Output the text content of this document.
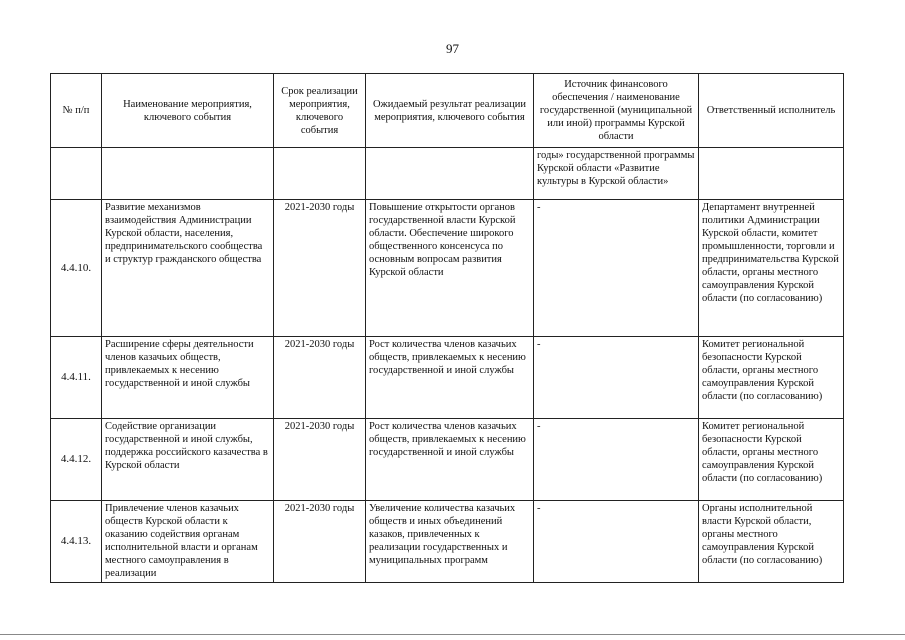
97
№ п/п	Наименование мероприятия, ключевого события	Срок реализации мероприятия, ключевого события	Ожидаемый результат реализации мероприятия, ключевого события	Источник финансового обеспечения / наименование государственной (муниципальной или иной) программы Курской области	Ответственный исполнитель
				годы» государственной программы Курской области «Развитие культуры в Курской области»	
4.4.10.	Развитие механизмов взаимодействия Администрации Курской области, населения, предпринимательского сообщества и структур гражданского общества	2021-2030 годы	Повышение открытости органов государственной власти Курской области. Обеспечение широкого общественного консенсуса по основным вопросам развития Курской области	-	Департамент внутренней политики Администрации Курской области, комитет промышленности, торговли и предпринимательства Курской области, органы местного самоуправления Курской области (по согласованию)
4.4.11.	Расширение сферы деятельности членов казачьих обществ, привлекаемых к несению государственной и иной службы	2021-2030 годы	Рост количества членов казачьих обществ, привлекаемых к несению государственной и иной службы	-	Комитет региональной безопасности Курской области, органы местного самоуправления Курской области (по согласованию)
4.4.12.	Содействие организации государственной и иной службы, поддержка российского казачества в Курской области	2021-2030 годы	Рост количества членов казачьих обществ, привлекаемых к несению государственной и иной службы	-	Комитет региональной безопасности Курской области, органы местного самоуправления Курской области (по согласованию)
4.4.13.	Привлечение членов казачьих обществ Курской области к оказанию содействия органам исполнительной власти и органам местного самоуправления в реализации	2021-2030 годы	Увеличение количества казачьих обществ и иных объединений казаков, привлеченных к реализации государственных и муниципальных программ	-	Органы исполнительной власти Курской области, органы местного самоуправления Курской области (по согласованию)
